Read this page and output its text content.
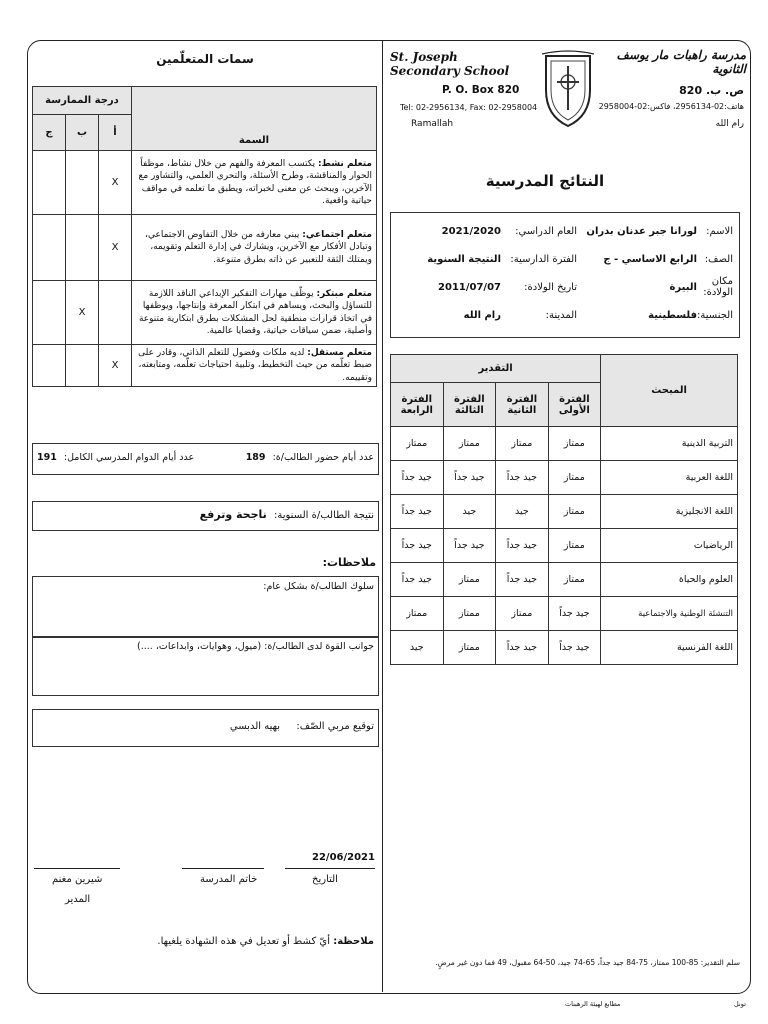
مدرسة راهبات مار يوسف الثانوية
ص. ب. 820
هاتف:02-2956134، فاكس:02-2958004
رام الله
St. Joseph Secondary School
P. O. Box 820
Tel: 02-2956134, Fax: 02-2958004
Ramallah
النتائج المدرسية
الاسم:	لورانا جبر عدنان بدران	العام الدراسي:	2021/2020
الصف:	الرابع الاساسي - ج	الفترة الدارسية:	النتيجة السنوية
مكان الولادة:	البيرة	تاريخ الولادة:	2011/07/07
الجنسية:	فلسطينية	المدينة:	رام الله
المبحث	التقدير			
	الفترة الأولى	الفترة الثانية	الفترة الثالثة	الفترة الرابعة
التربية الدينية	ممتاز	ممتاز	ممتاز	ممتاز
اللغة العربية	ممتاز	جيد جداً	جيد جداً	جيد جداً
اللغة الانجليزية	ممتاز	جيد	جيد	جيد جداً
الرياضيات	ممتاز	جيد جداً	جيد جداً	جيد جداً
العلوم والحياة	ممتاز	جيد جداً	ممتاز	جيد جداً
التنشئة الوطنية والاجتماعية	جيد جداً	ممتاز	ممتاز	ممتاز
اللغة الفرنسية	جيد جداً	جيد جداً	ممتاز	جيد
سلم التقدير: 85-100 ممتاز، 75-84 جيد جداً، 65-74 جيد، 50-64 مقبول، 49 فما دون غير مرضٍ.
سمات المتعلّمين
السمة	درجة الممارسة		
	أ	ب	ج
متعلم نشط: يكتسب المعرفة والفهم من خلال نشاط، موظفاً الحوار والمناقشة، وطرح الأسئلة، والتحري العلمي، والتشاور مع الآخرين، ويبحث عن معنى لخبراته، ويطبق ما تعلمه في مواقف حياتية واقعية.	X		
متعلم اجتماعي: يبني معارفه من خلال التفاوض الاجتماعي، وتبادل الأفكار مع الآخرين، ويشارك في إدارة التعلم وتقويمه، ويمتلك الثقة للتعبير عن ذاته بطرق متنوعة.	X		
متعلم مبتكر: يوظّف مهارات التفكير الإبداعي الناقد اللازمة للتساؤل والبحث، ويساهم في ابتكار المعرفة وإنتاجها، ويوظفها في اتخاذ قرارات منطقية لحل المشكلات بطرق ابتكارية متنوعة وأصلية، ضمن سياقات حياتية، وقضايا عالمية.		X	
متعلم مستقل: لديه ملكات وفضول للتعلم الذاتي، وقادر على ضبط تعلّمه من حيث التخطيط، وتلبية احتياجات تعلّمه، ومتابعته، وتقييمه.	X		
عدد أيام حضور الطالب/ة: 189
عدد أيام الدوام المدرسي الكامل: 191
نتيجة الطالب/ة السنوية: ناجحة وترفع
ملاحظات:
سلوك الطالب/ة بشكل عام:
جوانب القوة لدى الطالب/ة: (ميول، وهوايات، وابداعات، ....)
توقيع مربي الصّف:
بهيه الدبسي
22/06/2021
التاريخ
خاتم المدرسة
شيرين مغنم
المدير
ملاحظة: أيّ كشط أو تعديل في هذه الشهادة يلغيها.
مطابع لهيئة الرهبنات	تونل
